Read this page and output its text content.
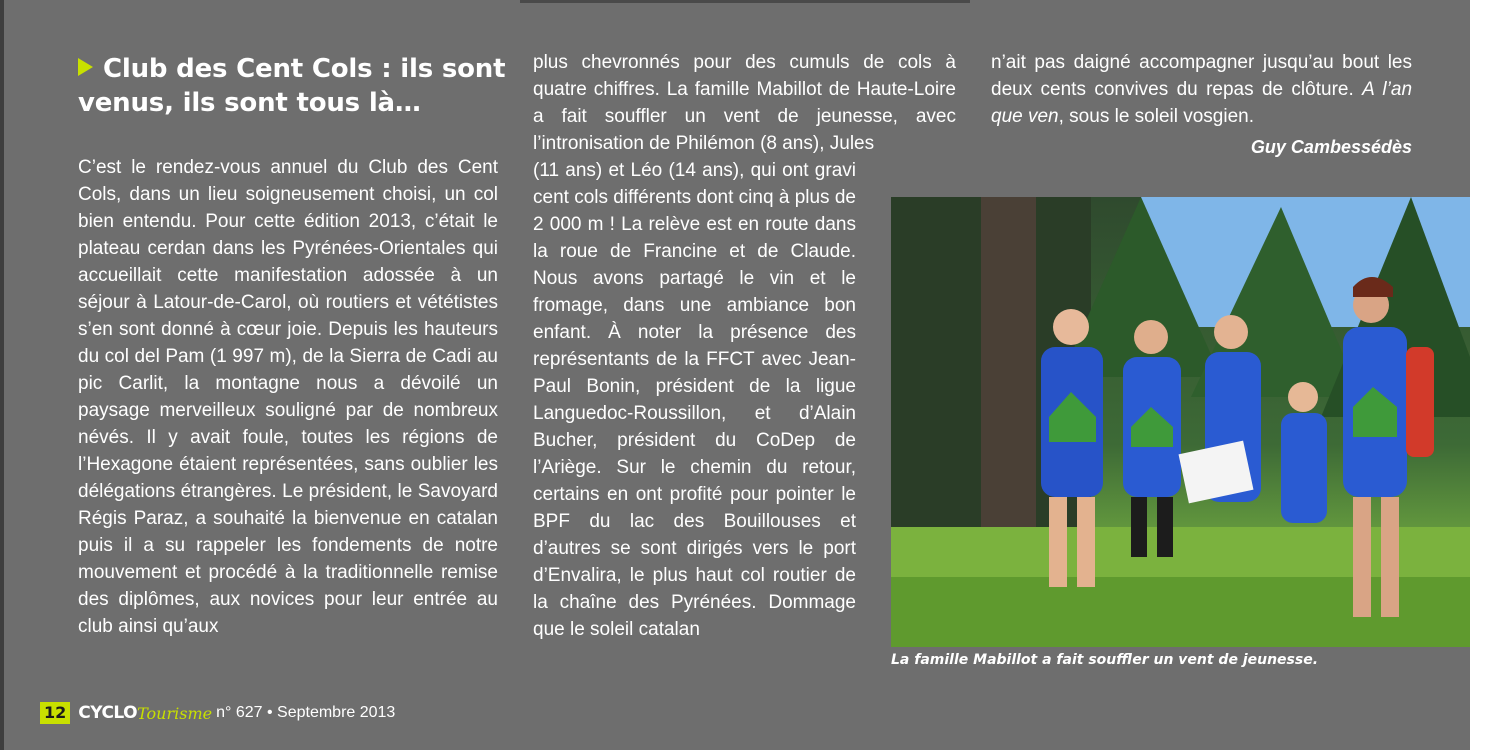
Club des Cent Cols : ils sont venus, ils sont tous là…

C’est le rendez-vous annuel du Club des Cent Cols, dans un lieu soigneusement choisi, un col bien entendu. Pour cette édition 2013, c’était le plateau cerdan dans les Pyrénées-Orientales qui accueillait cette manifestation adossée à un séjour à Latour-de-Carol, où routiers et vététistes s’en sont donné à cœur joie. Depuis les hauteurs du col del Pam (1 997 m), de la Sierra de Cadi au pic Carlit, la montagne nous a dévoilé un paysage merveilleux souligné par de nombreux névés. Il y avait foule, toutes les régions de l’Hexagone étaient représentées, sans oublier les délégations étrangères. Le président, le Savoyard Régis Paraz, a souhaité la bienvenue en catalan puis il a su rappeler les fondements de notre mouvement et procédé à la traditionnelle remise des diplômes, aux novices pour leur entrée au club ainsi qu’aux

plus chevronnés pour des cumuls de cols à quatre chiffres. La famille Mabillot de Haute-Loire a fait souffler un vent de jeunesse, avec l’intronisation de Philémon (8 ans), Jules

(11 ans) et Léo (14 ans), qui ont gravi cent cols différents dont cinq à plus de 2 000 m ! La relève est en route dans la roue de Francine et de Claude. Nous avons partagé le vin et le fromage, dans une ambiance bon enfant. À noter la présence des représentants de la FFCT avec Jean-Paul Bonin, président de la ligue Languedoc-Roussillon, et d’Alain Bucher, président du CoDep de l’Ariège. Sur le chemin du retour, certains en ont profité pour pointer le BPF du lac des Bouillouses et d’autres se sont dirigés vers le port d’Envalira, le plus haut col routier de la chaîne des Pyrénées. Dommage que le soleil catalan

n’ait pas daigné accompagner jusqu’au bout les deux cents convives du repas de clôture. A l’an que ven, sous le soleil vosgien.

Guy Cambessédès
La famille Mabillot a fait souffler un vent de jeunesse.
12 CYCLO Tourisme n° 627 • Septembre 2013
